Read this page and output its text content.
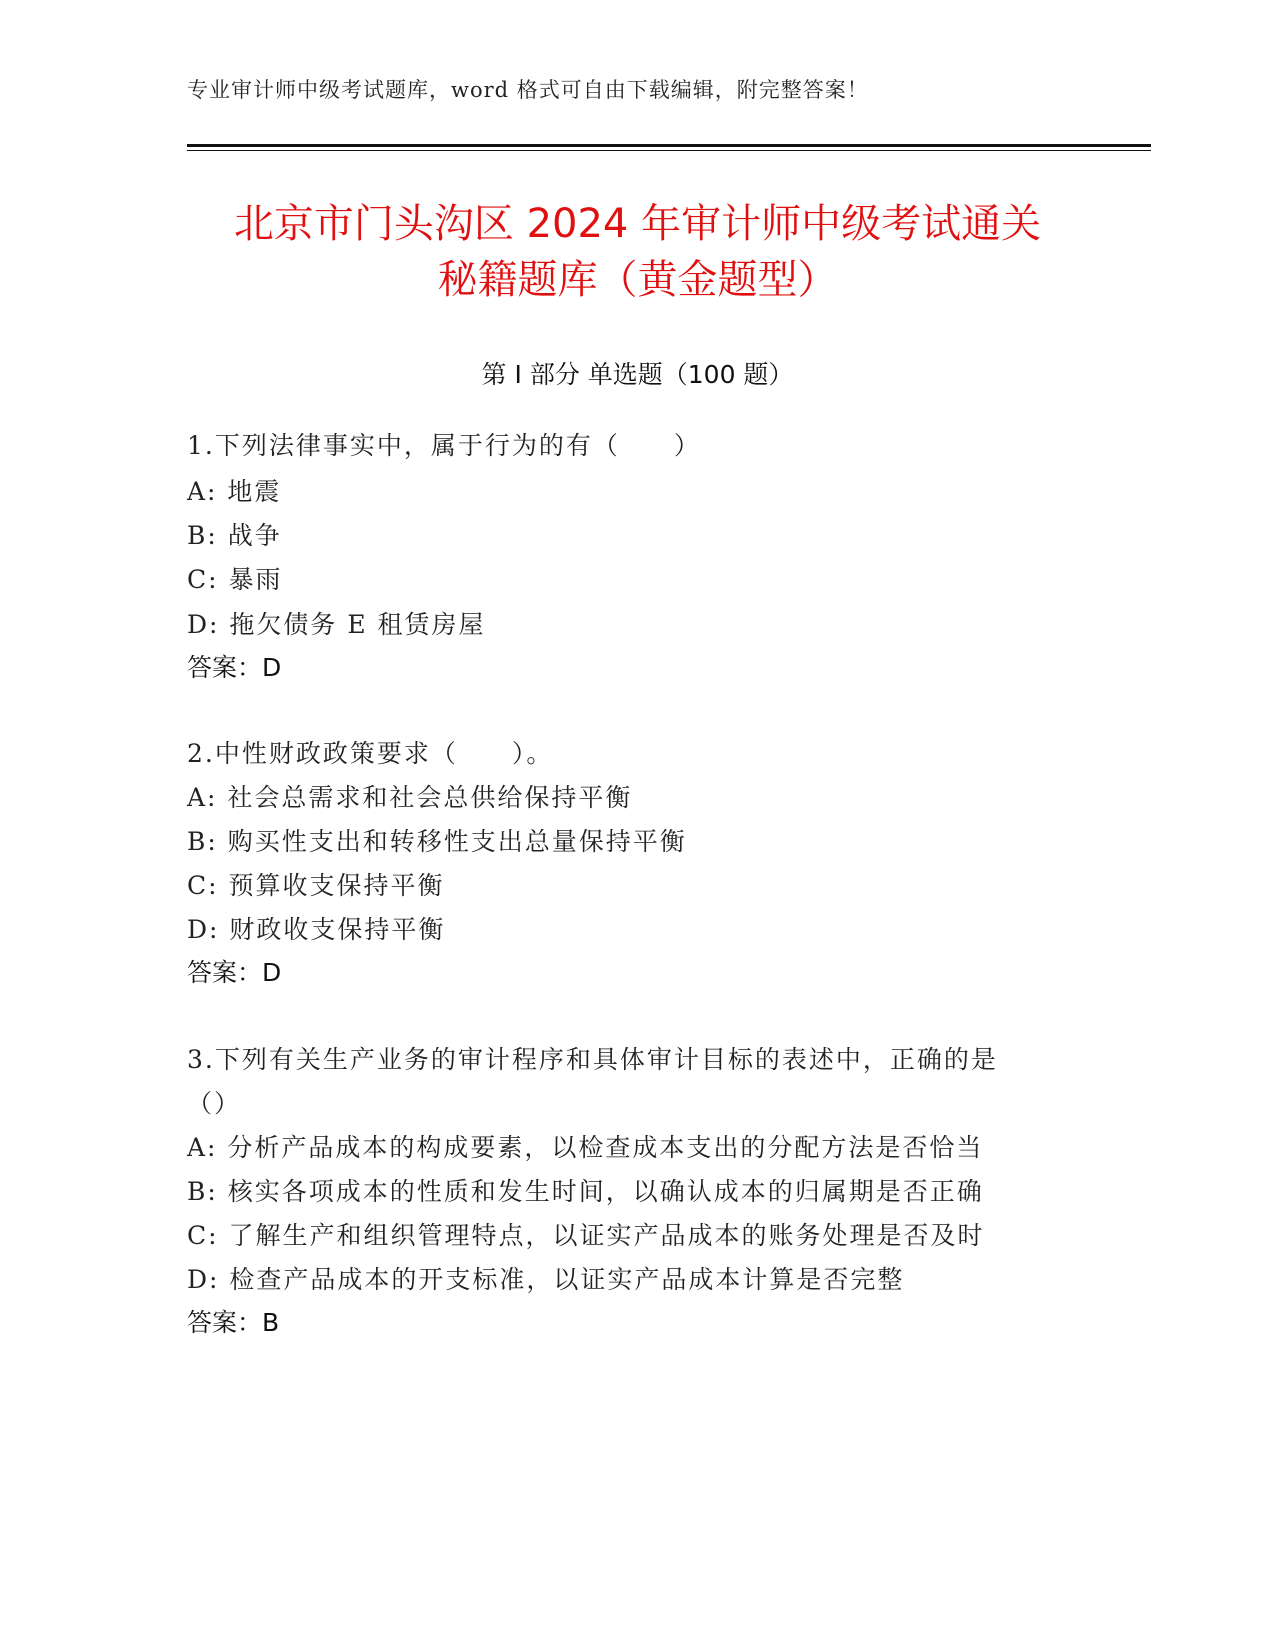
专业审计师中级考试题库，word 格式可自由下载编辑，附完整答案！
北京市门头沟区 2024 年审计师中级考试通关
秘籍题库（黄金题型）
第 I 部分 单选题（100 题）
1.下列法律事实中，属于行为的有（　　）
A: 地震
B: 战争
C: 暴雨
D: 拖欠债务 E 租赁房屋
答案：D
2.中性财政政策要求（　　）。
A: 社会总需求和社会总供给保持平衡
B: 购买性支出和转移性支出总量保持平衡
C: 预算收支保持平衡
D: 财政收支保持平衡
答案：D
3.下列有关生产业务的审计程序和具体审计目标的表述中，正确的是
（）
A: 分析产品成本的构成要素，以检查成本支出的分配方法是否恰当
B: 核实各项成本的性质和发生时间，以确认成本的归属期是否正确
C: 了解生产和组织管理特点，以证实产品成本的账务处理是否及时
D: 检查产品成本的开支标准，以证实产品成本计算是否完整
答案：B
